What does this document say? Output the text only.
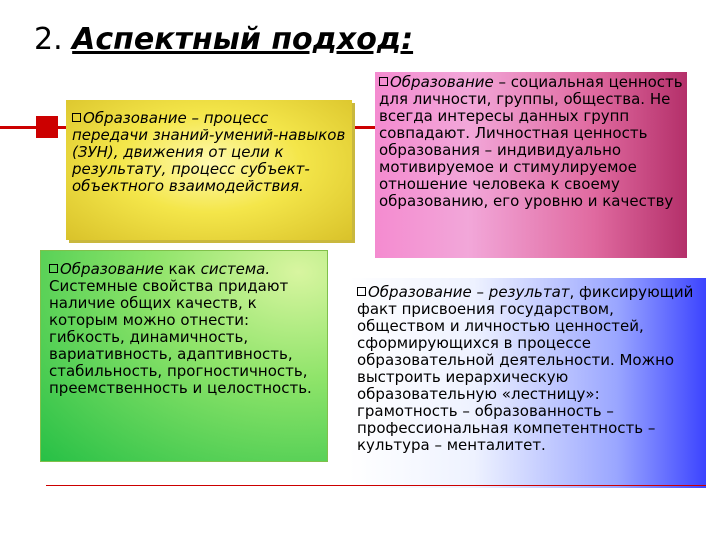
2. Аспектный подход:

Образование – процесс передачи знаний-умений-навыков (ЗУН), движения от цели к результату, процесс субъект-объектного взаимодействия.

Образование – социальная ценность для личности, группы, общества. Не всегда интересы данных групп совпадают. Личностная ценность образования – индивидуально мотивируемое и стимулируемое отношение человека к своему образованию, его уровню и качеству

Образование как система. Системные свойства придают наличие общих качеств, к которым можно отнести: гибкость, динамичность, вариативность, адаптивность, стабильность, прогностичность, преемственность и целостность.

Образование – результат, фиксирующий факт присвоения государством, обществом и личностью ценностей, сформирующихся в процессе образовательной деятельности. Можно выстроить иерархическую образовательную «лестницу»: грамотность – образованность – профессиональная компетентность – культура – менталитет.
